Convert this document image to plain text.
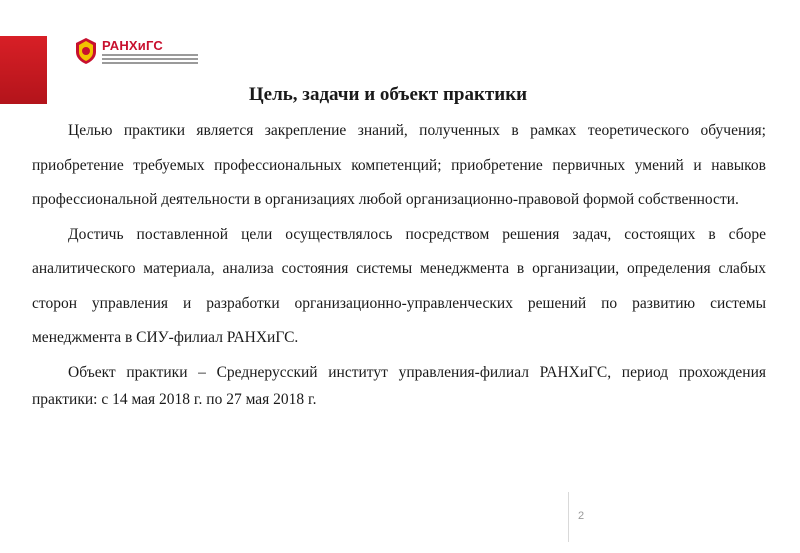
РАНХиГС
Цель, задачи и объект практики

Целью практики является закрепление знаний, полученных в рамках теоретического обучения; приобретение требуемых профессиональных компетенций; приобретение первичных умений и навыков профессиональной деятельности в организациях любой организационно-правовой формой собственности.

Достичь поставленной цели осуществлялось посредством решения задач, состоящих в сборе аналитического материала, анализа состояния системы менеджмента в организации, определения слабых сторон управления и разработки организационно-управленческих решений по развитию системы менеджмента в СИУ-филиал РАНХиГС.

Объект практики – Среднерусский институт управления-филиал РАНХиГС, период прохождения практики: с 14 мая 2018 г. по 27 мая 2018 г.

2
